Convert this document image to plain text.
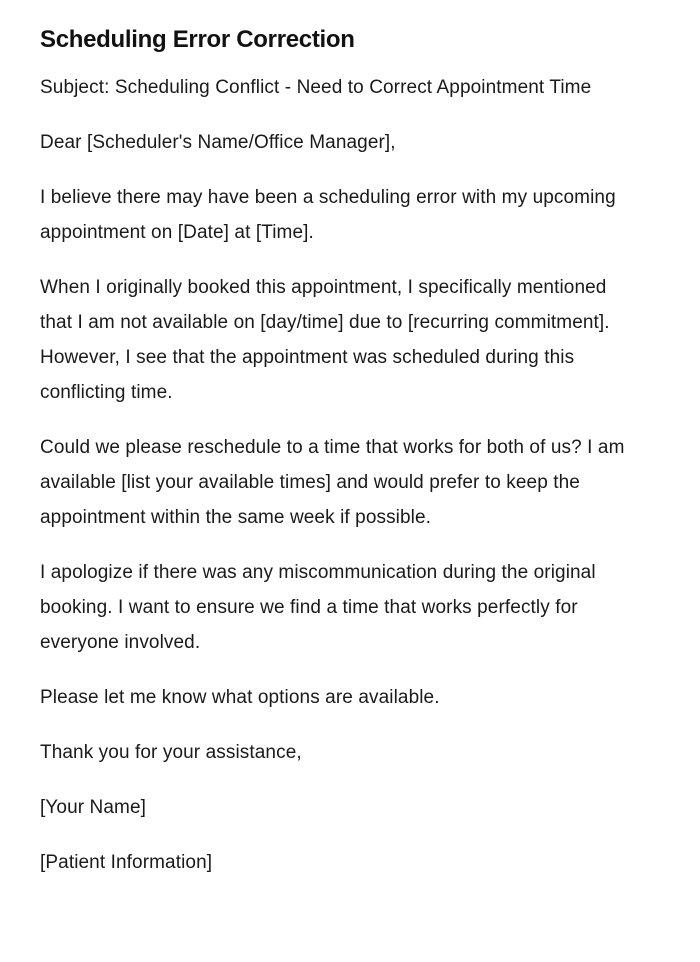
Scheduling Error Correction

Subject: Scheduling Conflict - Need to Correct Appointment Time

Dear [Scheduler's Name/Office Manager],

I believe there may have been a scheduling error with my upcoming appointment on [Date] at [Time].

When I originally booked this appointment, I specifically mentioned that I am not available on [day/time] due to [recurring commitment]. However, I see that the appointment was scheduled during this conflicting time.

Could we please reschedule to a time that works for both of us? I am available [list your available times] and would prefer to keep the appointment within the same week if possible.

I apologize if there was any miscommunication during the original booking. I want to ensure we find a time that works perfectly for everyone involved.

Please let me know what options are available.

Thank you for your assistance,

[Your Name]

[Patient Information]
